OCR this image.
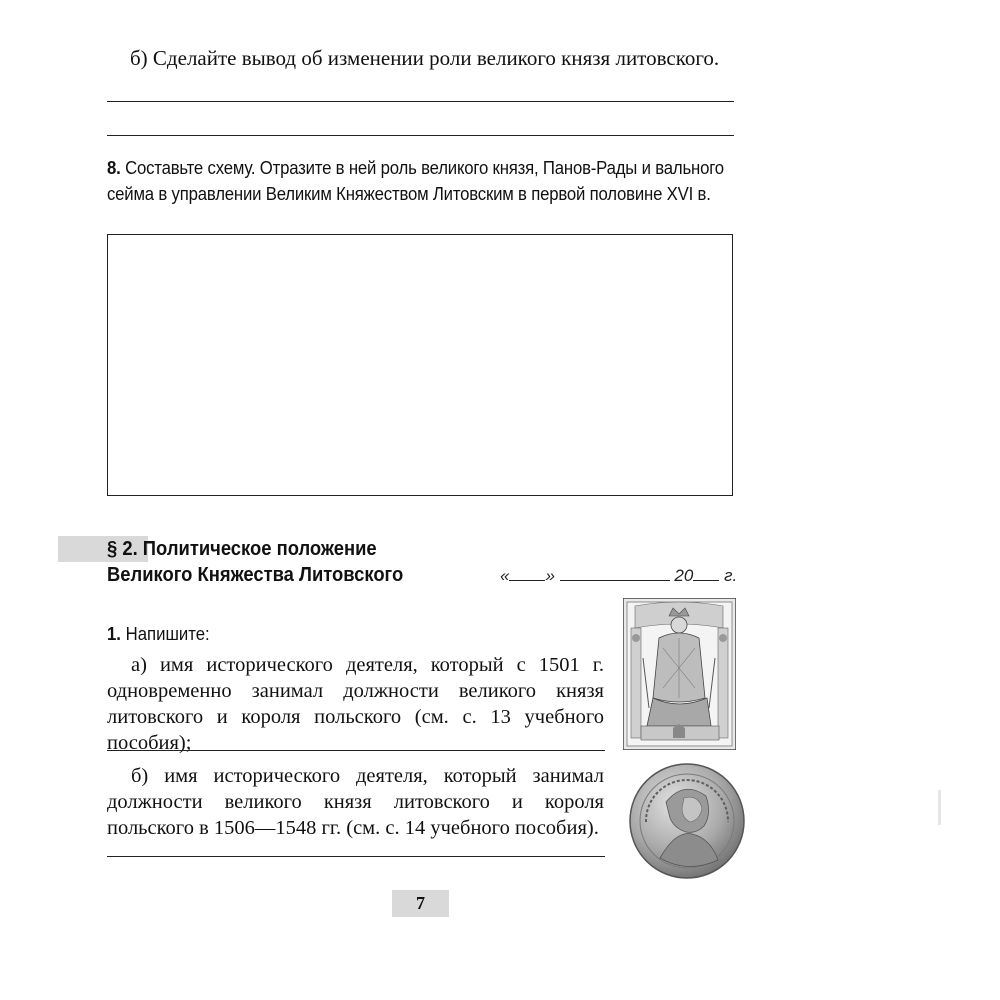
б) Сделайте вывод об изменении роли великого князя литовского.
8. Составьте схему. Отразите в ней роль великого князя, Панов-Рады и вального сейма в управлении Великим Княжеством Литовским в первой половине XVI в.
§ 2. Политическое положение
Великого Княжества Литовского	« »	20 г.
1. Напишите:
а) имя исторического деятеля, который с 1501 г. одновременно занимал должности великого князя литовского и короля польского (см. с. 13 учебного пособия);
б) имя исторического деятеля, который занимал должности великого князя литовского и короля польского в 1506—1548 гг. (см. с. 14 учебного пособия).
7
